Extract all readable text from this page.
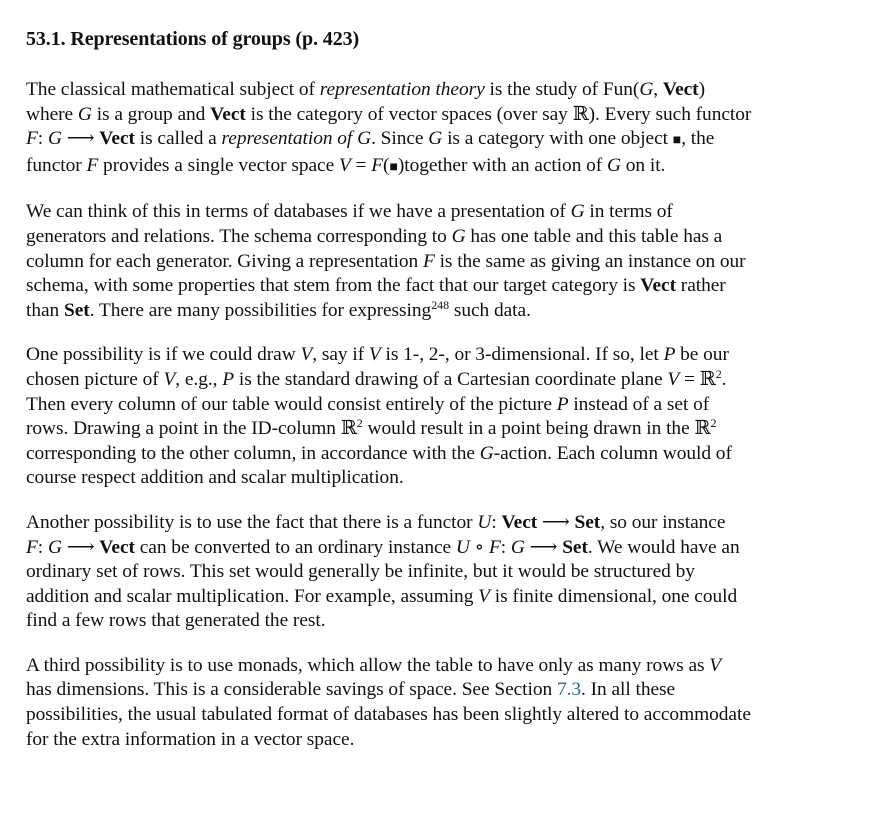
53.1. Representations of groups (p. 423)
The classical mathematical subject of representation theory is the study of Fun(G, Vect)
where G is a group and Vect is the category of vector spaces (over say ℝ). Every such functor
F: G ⟶ Vect is called a representation of G. Since G is a category with one object ■, the
functor F provides a single vector space V = F(■)together with an action of G on it.
We can think of this in terms of databases if we have a presentation of G in terms of
generators and relations. The schema corresponding to G has one table and this table has a
column for each generator. Giving a representation F is the same as giving an instance on our
schema, with some properties that stem from the fact that our target category is Vect rather
than Set. There are many possibilities for expressing$^{248}$ such data.
One possibility is if we could draw V, say if V is 1-, 2-, or 3-dimensional. If so, let P be our
chosen picture of V, e.g., P is the standard drawing of a Cartesian coordinate plane V = ℝ$^2$.
Then every column of our table would consist entirely of the picture P instead of a set of
rows. Drawing a point in the ID-column ℝ$^2$ would result in a point being drawn in the ℝ$^2$
corresponding to the other column, in accordance with the G-action. Each column would of
course respect addition and scalar multiplication.
Another possibility is to use the fact that there is a functor U: Vect ⟶ Set, so our instance
F: G ⟶ Vect can be converted to an ordinary instance U ∘ F: G ⟶ Set. We would have an
ordinary set of rows. This set would generally be infinite, but it would be structured by
addition and scalar multiplication. For example, assuming V is finite dimensional, one could
find a few rows that generated the rest.
A third possibility is to use monads, which allow the table to have only as many rows as V
has dimensions. This is a considerable savings of space. See Section 7.3. In all these
possibilities, the usual tabulated format of databases has been slightly altered to accommodate
for the extra information in a vector space.
